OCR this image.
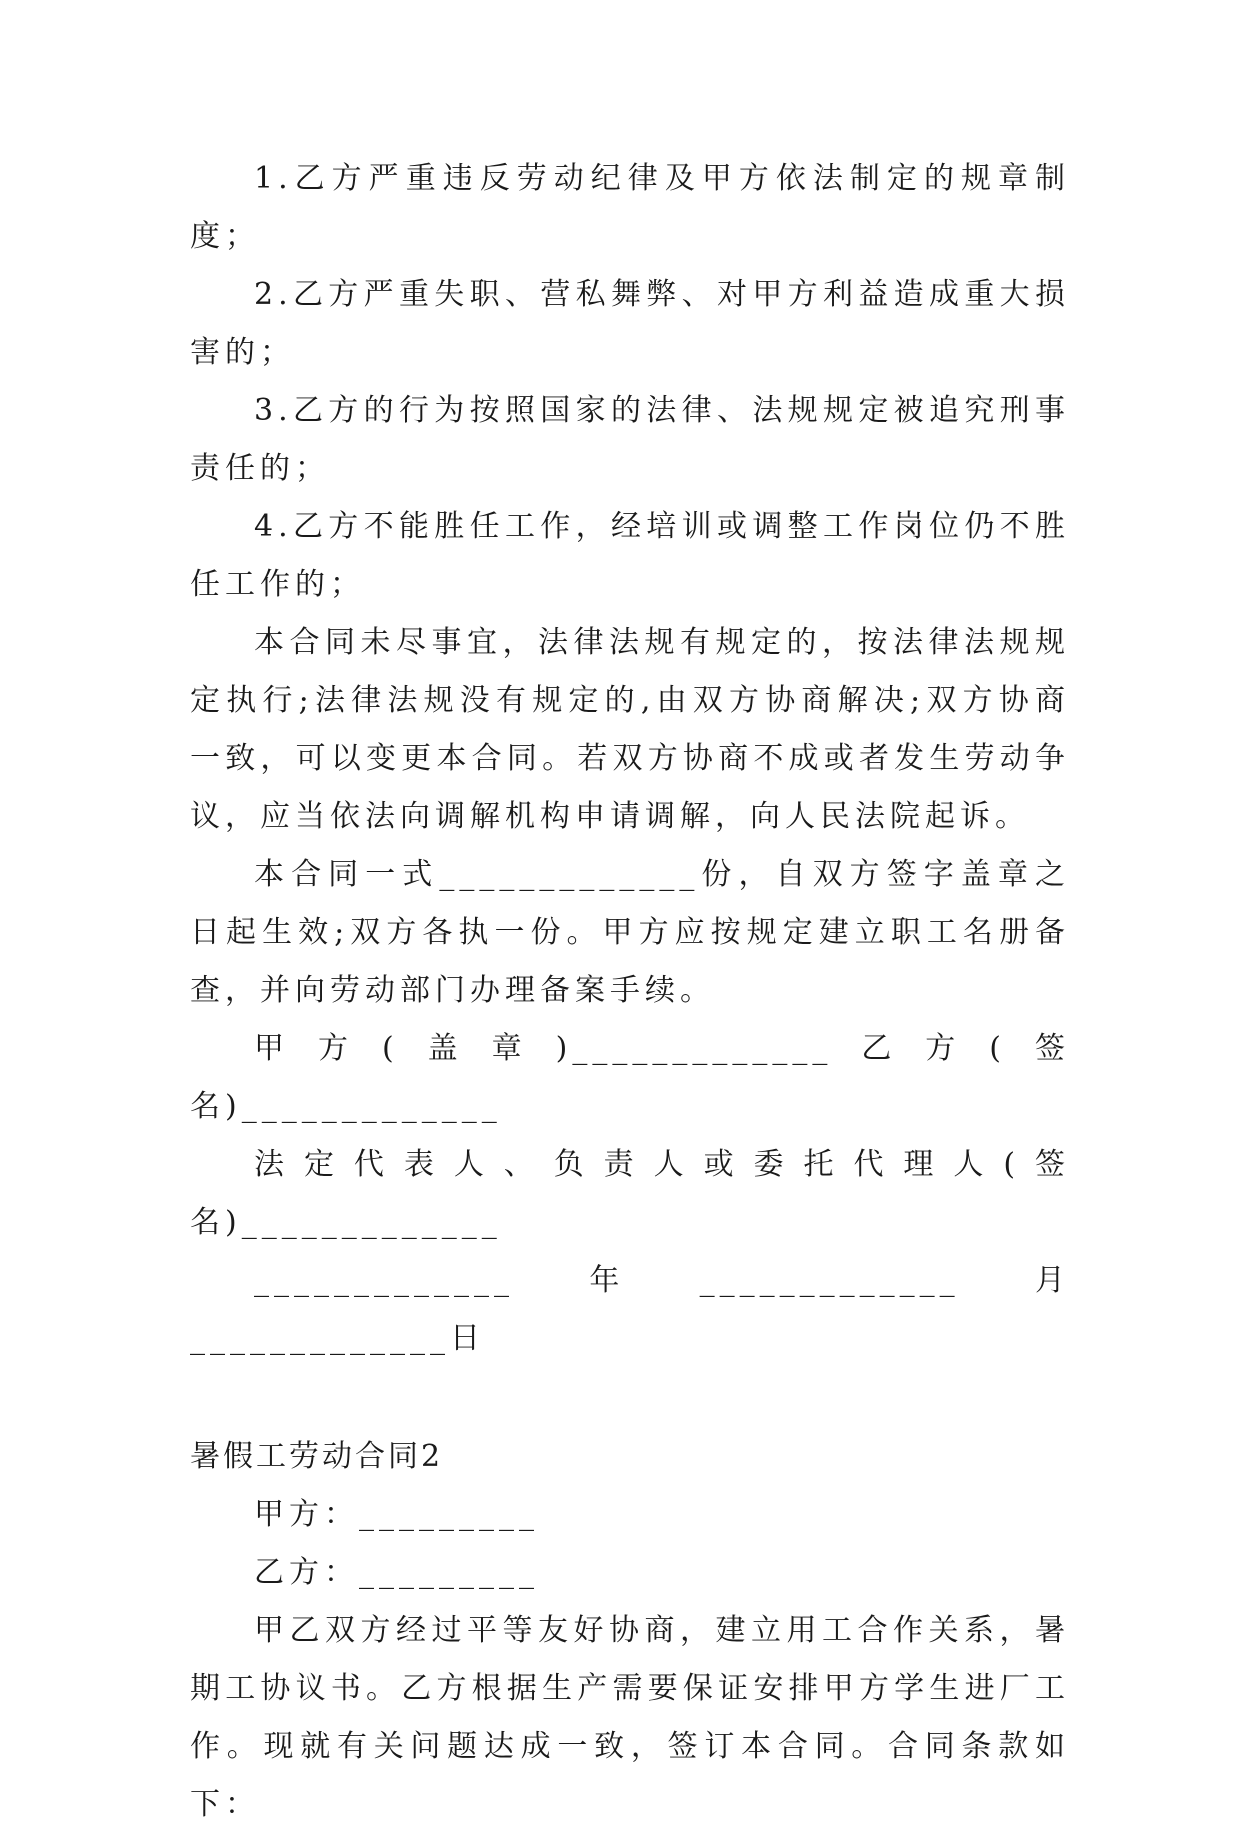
1.乙方严重违反劳动纪律及甲方依法制定的规章制度；

2.乙方严重失职、营私舞弊、对甲方利益造成重大损害的；

3.乙方的行为按照国家的法律、法规规定被追究刑事责任的；

4.乙方不能胜任工作，经培训或调整工作岗位仍不胜任工作的；

本合同未尽事宜，法律法规有规定的，按法律法规规定执行;法律法规没有规定的,由双方协商解决;双方协商一致，可以变更本合同。若双方协商不成或者发生劳动争议，应当依法向调解机构申请调解，向人民法院起诉。

本合同一式_____________份，自双方签字盖章之日起生效;双方各执一份。甲方应按规定建立职工名册备查，并向劳动部门办理备案手续。

甲方(盖章)_____________乙方(签名)_____________

法定代表人、负责人或委托代理人(签名)_____________

_____________年_____________月_____________日

暑假工劳动合同2

甲方：_________

乙方：_________

甲乙双方经过平等友好协商，建立用工合作关系，暑期工协议书。乙方根据生产需要保证安排甲方学生进厂工作。现就有关问题达成一致，签订本合同。合同条款如下：
